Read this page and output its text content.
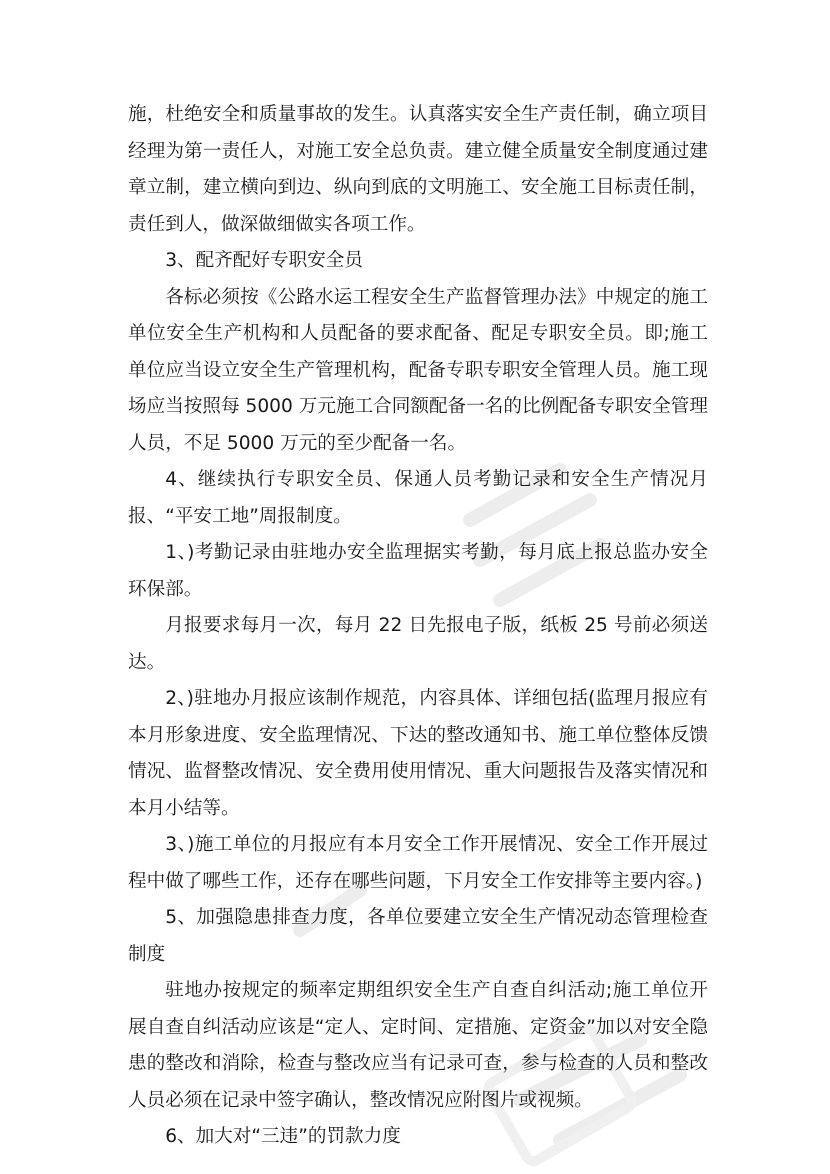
施，杜绝安全和质量事故的发生。认真落实安全生产责任制，确立项目经理为第一责任人，对施工安全总负责。建立健全质量安全制度通过建章立制，建立横向到边、纵向到底的文明施工、安全施工目标责任制，责任到人，做深做细做实各项工作。

3、配齐配好专职安全员

各标必须按《公路水运工程安全生产监督管理办法》中规定的施工单位安全生产机构和人员配备的要求配备、配足专职安全员。即;施工单位应当设立安全生产管理机构，配备专职专职安全管理人员。施工现场应当按照每 5000 万元施工合同额配备一名的比例配备专职安全管理人员，不足 5000 万元的至少配备一名。

4、继续执行专职安全员、保通人员考勤记录和安全生产情况月报、“平安工地”周报制度。

1、)考勤记录由驻地办安全监理据实考勤，每月底上报总监办安全环保部。

月报要求每月一次，每月 22 日先报电子版，纸板 25 号前必须送达。

2、)驻地办月报应该制作规范，内容具体、详细包括(监理月报应有本月形象进度、安全监理情况、下达的整改通知书、施工单位整体反馈情况、监督整改情况、安全费用使用情况、重大问题报告及落实情况和本月小结等。

3、)施工单位的月报应有本月安全工作开展情况、安全工作开展过程中做了哪些工作，还存在哪些问题，下月安全工作安排等主要内容。)

5、加强隐患排查力度，各单位要建立安全生产情况动态管理检查制度

驻地办按规定的频率定期组织安全生产自查自纠活动;施工单位开展自查自纠活动应该是“定人、定时间、定措施、定资金”加以对安全隐患的整改和消除，检查与整改应当有记录可查，参与检查的人员和整改人员必须在记录中签字确认，整改情况应附图片或视频。

6、加大对“三违”的罚款力度
